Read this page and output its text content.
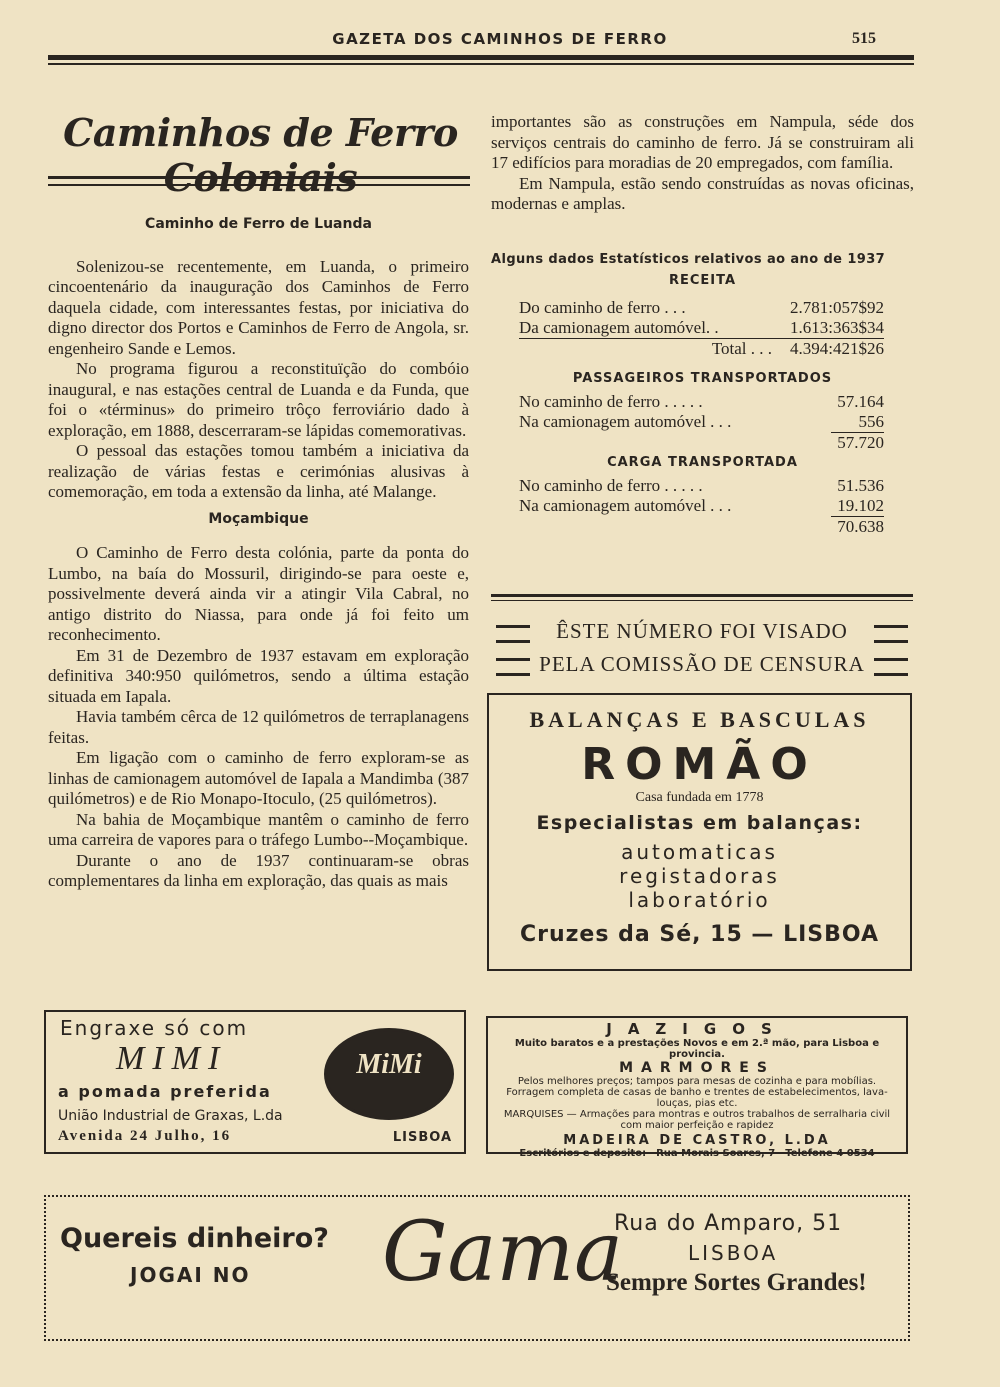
GAZETA DOS CAMINHOS DE FERRO	515
Caminhos de Ferro
Caminho de Ferro de Luanda

Solenizou-se recentemente, em Luanda, o primeiro cincoentenário da inauguração dos Caminhos de Ferro daquela cidade, com interessantes festas, por iniciativa do digno director dos Portos e Caminhos de Ferro de Angola, sr. engenheiro Sande e Lemos.

No programa figurou a reconstituïção do combóio inaugural, e nas estações central de Luanda e da Funda, que foi o «términus» do primeiro trôço ferroviário dado à exploração, em 1888, descerraram-se lápidas comemorativas.

O pessoal das estações tomou também a iniciativa da realização de várias festas e cerimónias alusivas à comemoração, em toda a extensão da linha, até Malange.

Moçambique

O Caminho de Ferro desta colónia, parte da ponta do Lumbo, na baía do Mossuril, dirigindo-se para oeste e, possivelmente deverá ainda vir a atingir Vila Cabral, no antigo distrito do Niassa, para onde já foi feito um reconhecimento.

Em 31 de Dezembro de 1937 estavam em exploração definitiva 340:950 quilómetros, sendo a última estação situada em Iapala.

Havia também cêrca de 12 quilómetros de terraplanagens feitas.

Em ligação com o caminho de ferro exploram-se as linhas de camionagem automóvel de Iapala a Mandimba (387 quilómetros) e de Rio Monapo-Itoculo, (25 quilómetros).

Na bahia de Moçambique mantêm o caminho de ferro uma carreira de vapores para o tráfego Lumbo--Moçambique.

Durante o ano de 1937 continuaram-se obras complementares da linha em exploração, das quais as mais

importantes são as construções em Nampula, séde dos serviços centrais do caminho de ferro. Já se construiram ali 17 edifícios para moradias de 20 empregados, com família.

Em Nampula, estão sendo construídas as novas oficinas, modernas e amplas.

Alguns dados Estatísticos relativos ao ano de 1937
RECEITA
Do caminho de ferro . . .	2.781:057$92
Da camionagem automóvel. .	1.613:363$34
Total . . . 4.394:421$26
PASSAGEIROS TRANSPORTADOS
No caminho de ferro . . . . .	57.164
Na camionagem automóvel . . .	556
57.720
CARGA TRANSPORTADA
No caminho de ferro . . . . .	51.536
Na camionagem automóvel . . .	19.102
70.638
ÊSTE NÚMERO FOI VISADO
PELA COMISSÃO DE CENSURA
BALANÇAS E BASCULAS
ROMÃO
Casa fundada em 1778
Especialistas em balanças:
automaticas
registadoras
laboratório
Cruzes da Sé, 15 — LISBOA
Engraxe só com
MIMI
a pomada preferida
União Industrial de Graxas, L.da
Avenida 24 Julho, 16	LISBOA
MiMi
JAZIGOS
Muito baratos e a prestações Novos e em 2.ª mão, para Lisboa e provincia.
MARMORES
Pelos melhores preços; tampos para mesas de cozinha e para mobílias. Forragem completa de casas de banho e trentes de estabelecimentos, lava-louças, pias etc.
MARQUISES — Armações para montras e outros trabalhos de serralharia civil com maior perfeição e rapidez
MADEIRA DE CASTRO, L.DA
Escritórios e deposito:—Rua Morais Soares, 7—Telefone 4 0534
Quereis dinheiro?
JOGAI NO Gama
Rua do Amparo, 51
LISBOA
Sempre Sortes Grandes!
